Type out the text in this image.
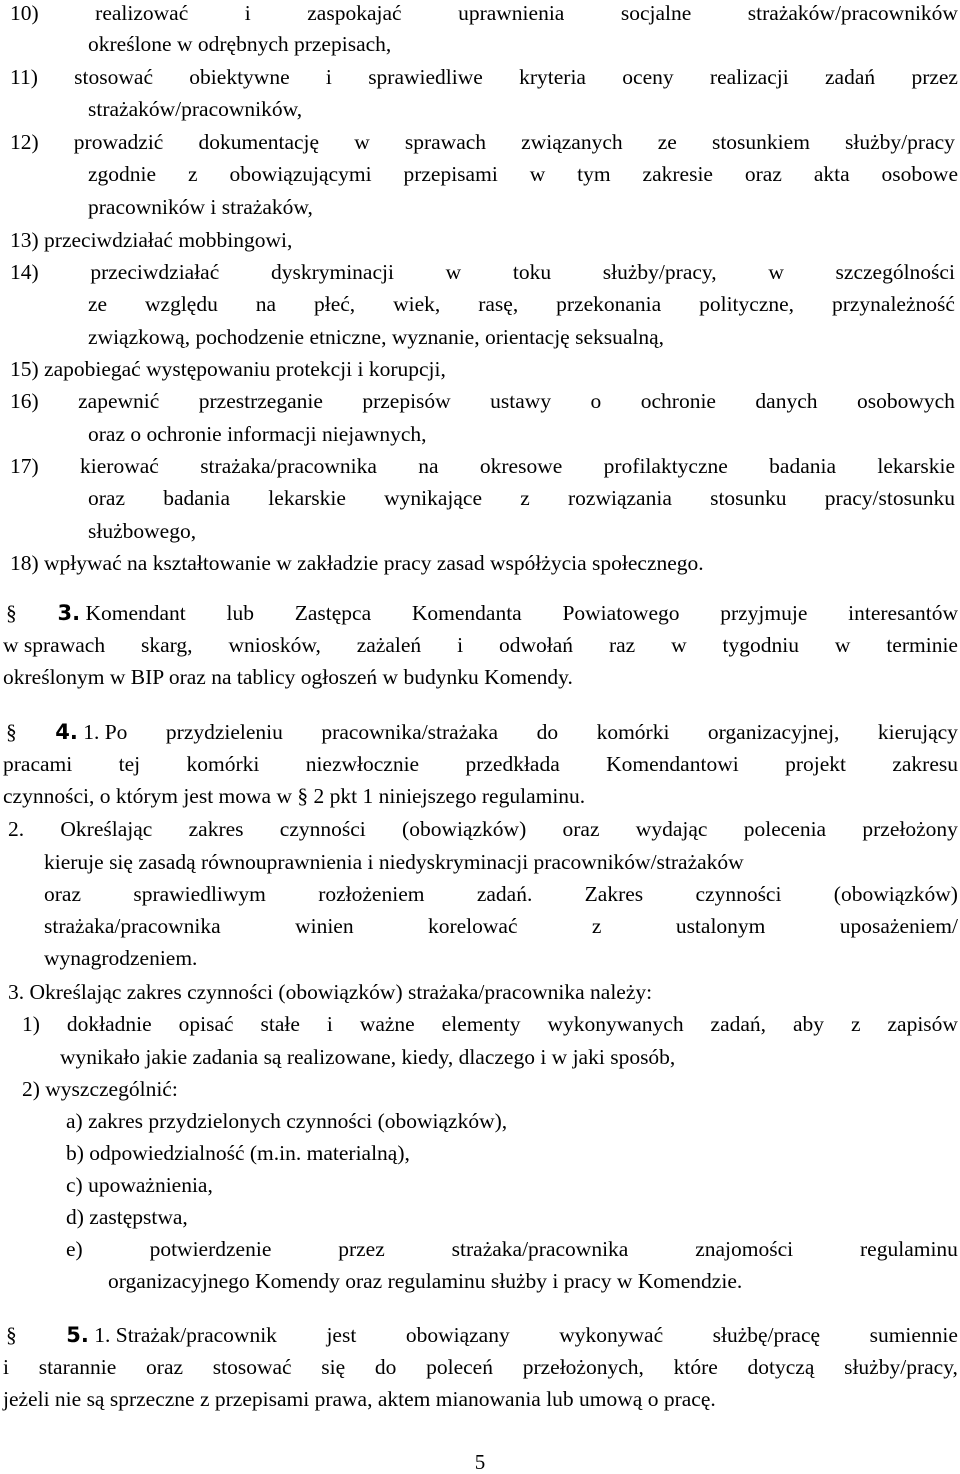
10)	realizować	i	zaspokajać	uprawnienia	socjalne	strażaków/pracowników
określone w odrębnych przepisach,
11) stosować obiektywne i sprawiedliwe kryteria oceny realizacji zadań przez
strażaków/pracowników,
12) prowadzić dokumentację w sprawach związanych ze stosunkiem służby/pracy
zgodnie z obowiązującymi przepisami w tym zakresie oraz akta osobowe
pracowników i strażaków,
13) przeciwdziałać mobbingowi,
14) przeciwdziałać dyskryminacji w toku służby/pracy, w szczególności
ze względu na płeć, wiek, rasę, przekonania polityczne, przynależność
związkową, pochodzenie etniczne, wyznanie, orientację seksualną,
15) zapobiegać występowaniu protekcji i korupcji,
16) zapewnić przestrzeganie przepisów ustawy o ochronie danych osobowych
oraz o ochronie informacji niejawnych,
17) kierować strażaka/pracownika na okresowe profilaktyczne badania lekarskie
oraz badania lekarskie wynikające z rozwiązania stosunku pracy/stosunku
służbowego,
18) wpływać na kształtowanie w zakładzie pracy zasad współżycia społecznego.
§ 3. Komendant lub Zastępca Komendanta Powiatowego przyjmuje interesantów
w sprawach skarg, wniosków, zażaleń i odwołań raz w tygodniu w terminie
określonym w BIP oraz na tablicy ogłoszeń w budynku Komendy.
§ 4. 1. Po przydzieleniu pracownika/strażaka do komórki organizacyjnej, kierujący
pracami tej komórki niezwłocznie przedkłada Komendantowi projekt zakresu
czynności, o którym jest mowa w § 2 pkt 1 niniejszego regulaminu.
2. Określając zakres czynności (obowiązków) oraz wydając polecenia przełożony
kieruje się zasadą równouprawnienia i niedyskryminacji pracowników/strażaków
oraz sprawiedliwym rozłożeniem zadań. Zakres czynności (obowiązków)
strażaka/pracownika	winien	korelować	z	ustalonym	uposażeniem/
wynagrodzeniem.
3. Określając zakres czynności (obowiązków) strażaka/pracownika należy:
1) dokładnie opisać stałe i ważne elementy wykonywanych zadań, aby z zapisów
wynikało jakie zadania są realizowane, kiedy, dlaczego i w jaki sposób,
2) wyszczególnić:
a) zakres przydzielonych czynności (obowiązków),
b) odpowiedzialność (m.in. materialną),
c) upoważnienia,
d) zastępstwa,
e)	potwierdzenie	przez	strażaka/pracownika	znajomości	regulaminu
organizacyjnego Komendy oraz regulaminu służby i pracy w Komendzie.
§ 5. 1. Strażak/pracownik jest obowiązany wykonywać służbę/pracę sumiennie
i starannie oraz stosować się do poleceń przełożonych, które dotyczą służby/pracy,
jeżeli nie są sprzeczne z przepisami prawa, aktem mianowania lub umową o pracę.
5
